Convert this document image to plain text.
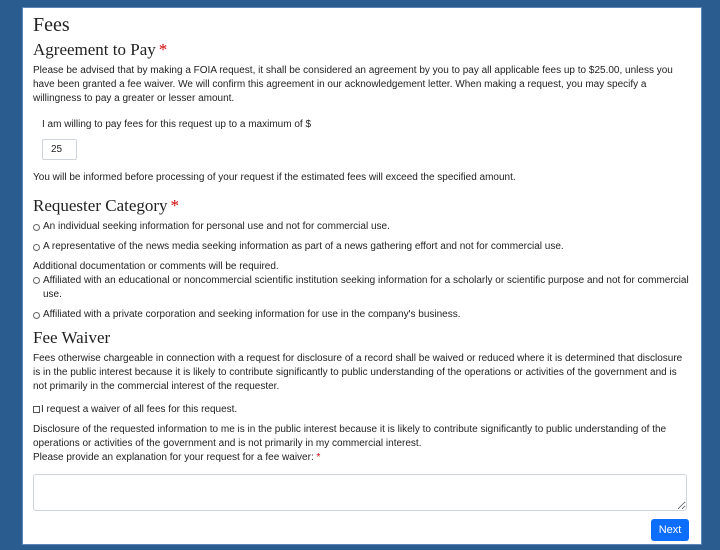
Fees
Agreement to Pay *

Please be advised that by making a FOIA request, it shall be considered an agreement by you to pay all applicable fees up to $25.00, unless you have been granted a fee waiver. We will confirm this agreement in our acknowledgement letter. When making a request, you may specify a willingness to pay a greater or lesser amount.

I am willing to pay fees for this request up to a maximum of $
25

You will be informed before processing of your request if the estimated fees will exceed the specified amount.

Requester Category *
An individual seeking information for personal use and not for commercial use.
A representative of the news media seeking information as part of a news gathering effort and not for commercial use.
Additional documentation or comments will be required.
Affiliated with an educational or noncommercial scientific institution seeking information for a scholarly or scientific purpose and not for commercial use.
Affiliated with a private corporation and seeking information for use in the company's business.
Fee Waiver

Fees otherwise chargeable in connection with a request for disclosure of a record shall be waived or reduced where it is determined that disclosure is in the public interest because it is likely to contribute significantly to public understanding of the operations or activities of the government and is not primarily in the commercial interest of the requester.

I request a waiver of all fees for this request.

Disclosure of the requested information to me is in the public interest because it is likely to contribute significantly to public understanding of the operations or activities of the government and is not primarily in my commercial interest.

Please provide an explanation for your request for a fee waiver: *
Next
